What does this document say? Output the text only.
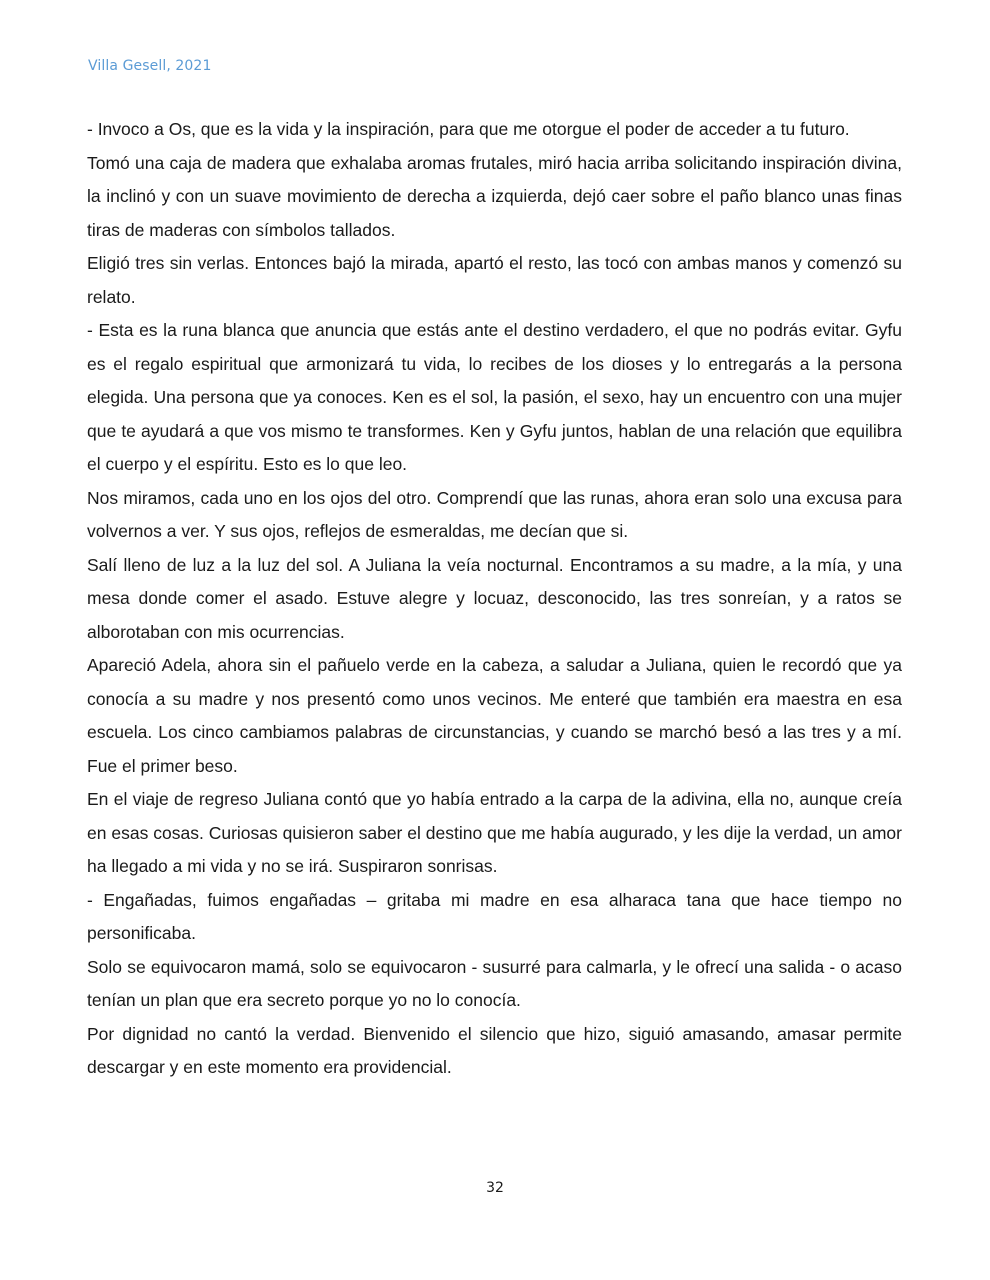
Villa Gesell, 2021

- Invoco a Os, que es la vida y la inspiración, para que me otorgue el poder de acceder a tu futuro.

Tomó una caja de madera que exhalaba aromas frutales, miró hacia arriba solicitando inspiración divina, la inclinó y con un suave movimiento de derecha a izquierda, dejó caer sobre el paño blanco unas finas tiras de maderas con símbolos tallados.

Eligió tres sin verlas. Entonces bajó la mirada, apartó el resto, las tocó con ambas manos y comenzó su relato.

- Esta es la runa blanca que anuncia que estás ante el destino verdadero, el que no podrás evitar. Gyfu es el regalo espiritual que armonizará tu vida, lo recibes de los dioses y lo entregarás a la persona elegida. Una persona que ya conoces. Ken es el sol, la pasión, el sexo, hay un encuentro con una mujer que te ayudará a que vos mismo te transformes. Ken y Gyfu juntos, hablan de una relación que equilibra el cuerpo y el espíritu. Esto es lo que leo.

Nos miramos, cada uno en los ojos del otro. Comprendí que las runas, ahora eran solo una excusa para volvernos a ver. Y sus ojos, reflejos de esmeraldas, me decían que si.

Salí lleno de luz a la luz del sol. A Juliana la veía nocturnal. Encontramos a su madre, a la mía, y una mesa donde comer el asado. Estuve alegre y locuaz, desconocido, las tres sonreían, y a ratos se alborotaban con mis ocurrencias.

Apareció Adela, ahora sin el pañuelo verde en la cabeza, a saludar a Juliana, quien le recordó que ya conocía a su madre y nos presentó como unos vecinos. Me enteré que también era maestra en esa escuela. Los cinco cambiamos palabras de circunstancias, y cuando se marchó besó a las tres y a mí. Fue el primer beso.

En el viaje de regreso Juliana contó que yo había entrado a la carpa de la adivina, ella no, aunque creía en esas cosas. Curiosas quisieron saber el destino que me había augurado, y les dije la verdad, un amor ha llegado a mi vida y no se irá. Suspiraron sonrisas.

- Engañadas, fuimos engañadas – gritaba mi madre en esa alharaca tana que hace tiempo no personificaba.

Solo se equivocaron mamá, solo se equivocaron - susurré para calmarla, y le ofrecí una salida - o acaso tenían un plan que era secreto porque yo no lo conocía.

Por dignidad no cantó la verdad. Bienvenido el silencio que hizo, siguió amasando, amasar permite descargar y en este momento era providencial.

32
